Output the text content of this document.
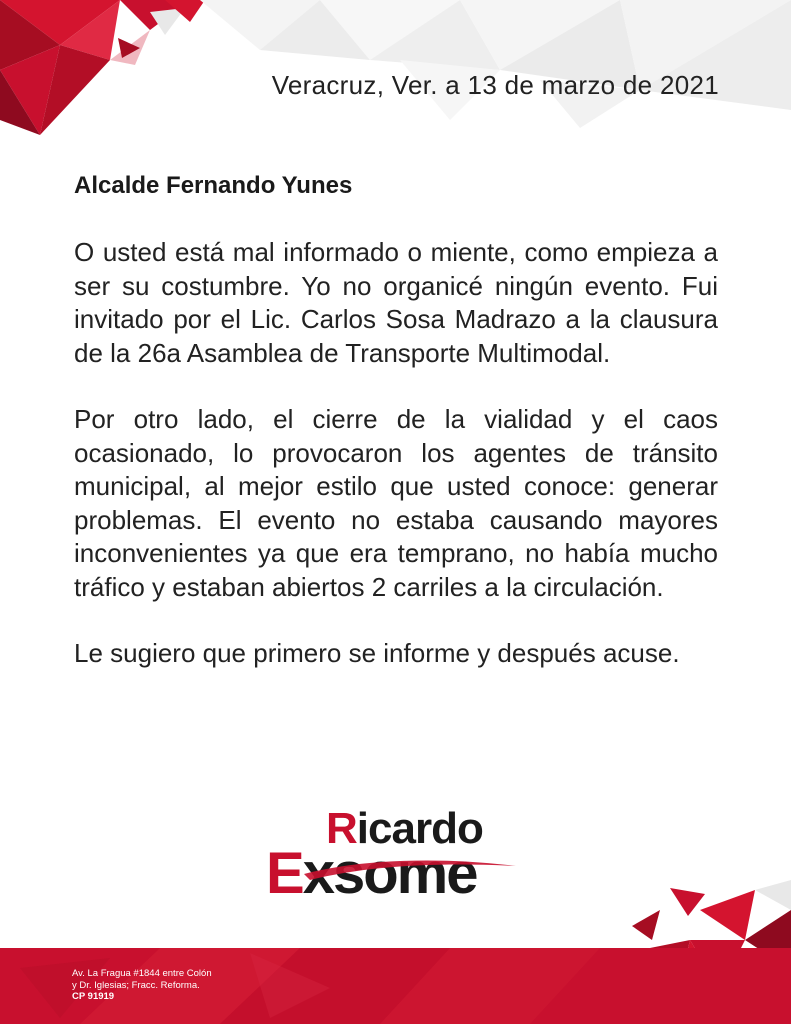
Veracruz, Ver. a 13 de marzo de 2021
Alcalde Fernando Yunes

O usted está mal informado o miente, como empieza a ser su costumbre. Yo no organicé ningún evento. Fui invitado por el Lic. Carlos Sosa Madrazo a la clausura de la 26a Asamblea de Transporte Multimodal.

Por otro lado, el cierre de la vialidad y el caos ocasionado, lo provocaron los agentes de tránsito municipal, al mejor estilo que usted conoce: generar problemas. El evento no estaba causando mayores inconvenientes ya que era temprano, no había mucho tráfico y estaban abiertos 2 carriles a la circulación.

Le sugiero que primero se informe y después acuse.

Ricardo
Exsome
Av. La Fragua #1844 entre Colón
y Dr. Iglesias; Fracc. Reforma.
CP 91919
